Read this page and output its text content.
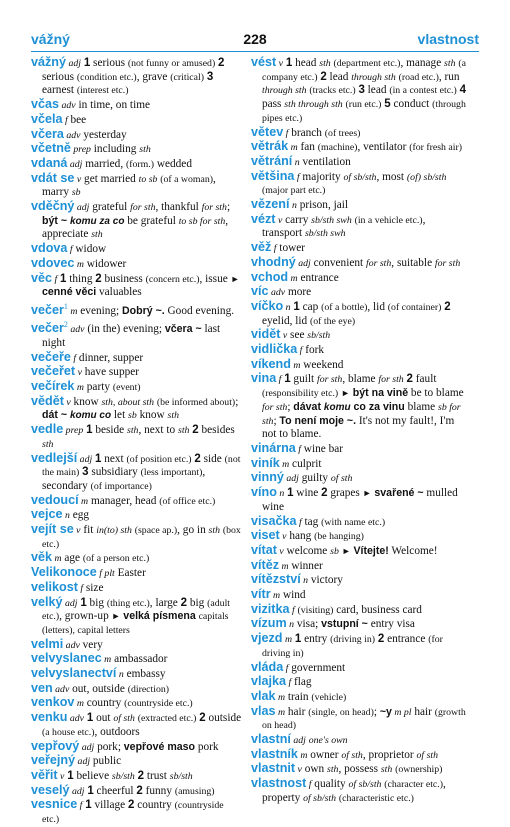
vážný	228	vlastnost

vážný adj 1 serious (not funny or amused) 2 serious (condition etc.), grave (critical) 3 earnest (interest etc.)

včas adv in time, on time

včela f bee

včera adv yesterday

včetně prep including sth

vdaná adj married, (form.) wedded

vdát se v get married to sb (of a woman), marry sb

vděčný adj grateful for sth, thankful for sth; být ~ komu za co be grateful to sb for sth, appreciate sth

vdova f widow

vdovec m widower

věc f 1 thing 2 business (concern etc.), issue ► cenné věci valuables

večer$^1$ m evening; Dobrý ~. Good evening.

večer$^2$ adv (in the) evening; včera ~ last night

večeře f dinner, supper

večeřet v have supper

večírek m party (event)

vědět v know sth, about sth (be informed about); dát ~ komu co let sb know sth

vedle prep 1 beside sth, next to sth 2 besides sth

vedlejší adj 1 next (of position etc.) 2 side (not the main) 3 subsidiary (less important), secondary (of importance)

vedoucí m manager, head (of office etc.)

vejce n egg

vejít se v fit in(to) sth (space ap.), go in sth (box etc.)

věk m age (of a person etc.)

Velikonoce f plt Easter

velikost f size

velký adj 1 big (thing etc.), large 2 big (adult etc.), grown-up ► velká písmena capitals (letters), capital letters

velmi adv very

velvyslanec m ambassador

velvyslanectví n embassy

ven adv out, outside (direction)

venkov m country (countryside etc.)

venku adv 1 out of sth (extracted etc.) 2 outside (a house etc.), outdoors

vepřový adj pork; vepřové maso pork

veřejný adj public

věřit v 1 believe sb/sth 2 trust sb/sth

veselý adj 1 cheerful 2 funny (amusing)

vesnice f 1 village 2 country (countryside etc.)

vést v 1 head sth (department etc.), manage sth (a company etc.) 2 lead through sth (road etc.), run through sth (tracks etc.) 3 lead (in a contest etc.) 4 pass sth through sth (run etc.) 5 conduct (through pipes etc.)

větev f branch (of trees)

větrák m fan (machine), ventilator (for fresh air)

větrání n ventilation

většina f majority of sb/sth, most (of) sb/sth (major part etc.)

vězení n prison, jail

vézt v carry sb/sth swh (in a vehicle etc.), transport sb/sth swh

věž f tower

vhodný adj convenient for sth, suitable for sth

vchod m entrance

víc adv more

víčko n 1 cap (of a bottle), lid (of container) 2 eyelid, lid (of the eye)

vidět v see sb/sth

vidlička f fork

víkend m weekend

vina f 1 guilt for sth, blame for sth 2 fault (responsibility etc.) ► být na vině be to blame for sth; dávat komu co za vinu blame sb for sth; To není moje ~. It's not my fault!, I'm not to blame.

vinárna f wine bar

viník m culprit

vinný adj guilty of sth

víno n 1 wine 2 grapes ► svařené ~ mulled wine

visačka f tag (with name etc.)

viset v hang (be hanging)

vítat v welcome sb ► Vítejte! Welcome!

vítěz m winner

vítězství n victory

vítr m wind

vizitka f (visiting) card, business card

vízum n visa; vstupní ~ entry visa

vjezd m 1 entry (driving in) 2 entrance (for driving in)

vláda f government

vlajka f flag

vlak m train (vehicle)

vlas m hair (single, on head); ~y m pl hair (growth on head)

vlastní adj one's own

vlastník m owner of sth, proprietor of sth

vlastnit v own sth, possess sth (ownership)

vlastnost f quality of sb/sth (character etc.), property of sb/sth (characteristic etc.)
